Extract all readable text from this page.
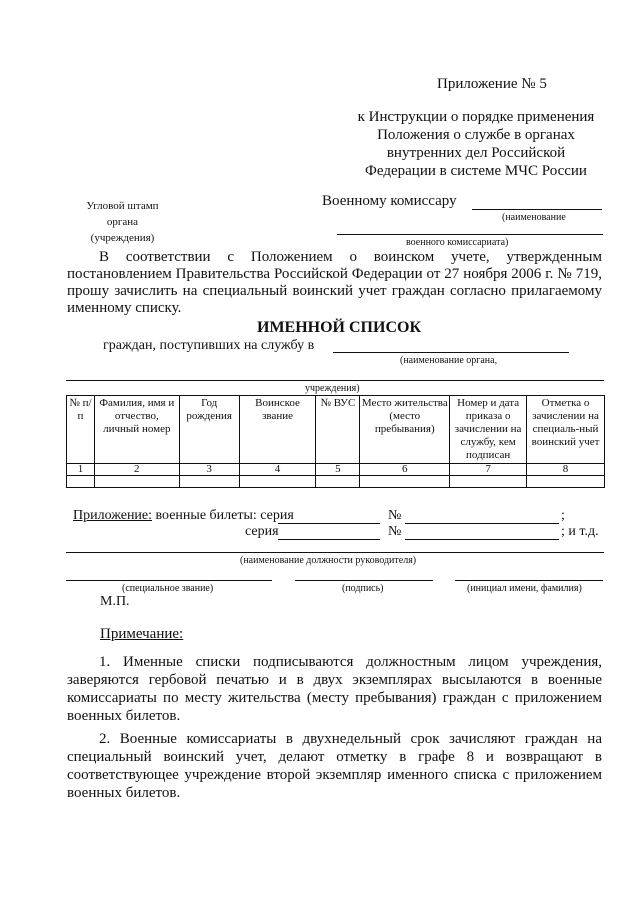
Приложение № 5
к Инструкции о порядке применения
Положения о службе в органах
внутренних дел Российской
Федерации в системе МЧС России
Угловой штамп
органа
(учреждения)
Военному комиссару
(наименование
военного комиссариата)
В соответствии с Положением о воинском учете, утвержденным постановлением Правительства Российской Федерации от 27 ноября 2006 г. № 719, прошу зачислить на специальный воинский учет граждан согласно прилагаемому именному списку.
ИМЕННОЙ СПИСОК
граждан, поступивших на службу в
(наименование органа,
учреждения)
№ п/п	Фамилия, имя и отчество, личный номер	Год рождения	Воинское звание	№ ВУС	Место жительства (место пребывания)	Номер и дата приказа о зачислении на службу, кем подписан	Отметка о зачислении на специаль-ный воинский учет
1	2	3	4	5	6	7	8

Приложение: военные билеты: серия	№	;
серия	№	; и т.д.
(наименование должности руководителя)
(специальное звание)	(подпись)	(инициал имени, фамилия)
М.П.
Примечание:
1. Именные списки подписываются должностным лицом учреждения, заверяются гербовой печатью и в двух экземплярах высылаются в военные комиссариаты по месту жительства (месту пребывания) граждан с приложением военных билетов.
2. Военные комиссариаты в двухнедельный срок зачисляют граждан на специальный воинский учет, делают отметку в графе 8 и возвращают в соответствующее учреждение второй экземпляр именного списка с приложением военных билетов.
